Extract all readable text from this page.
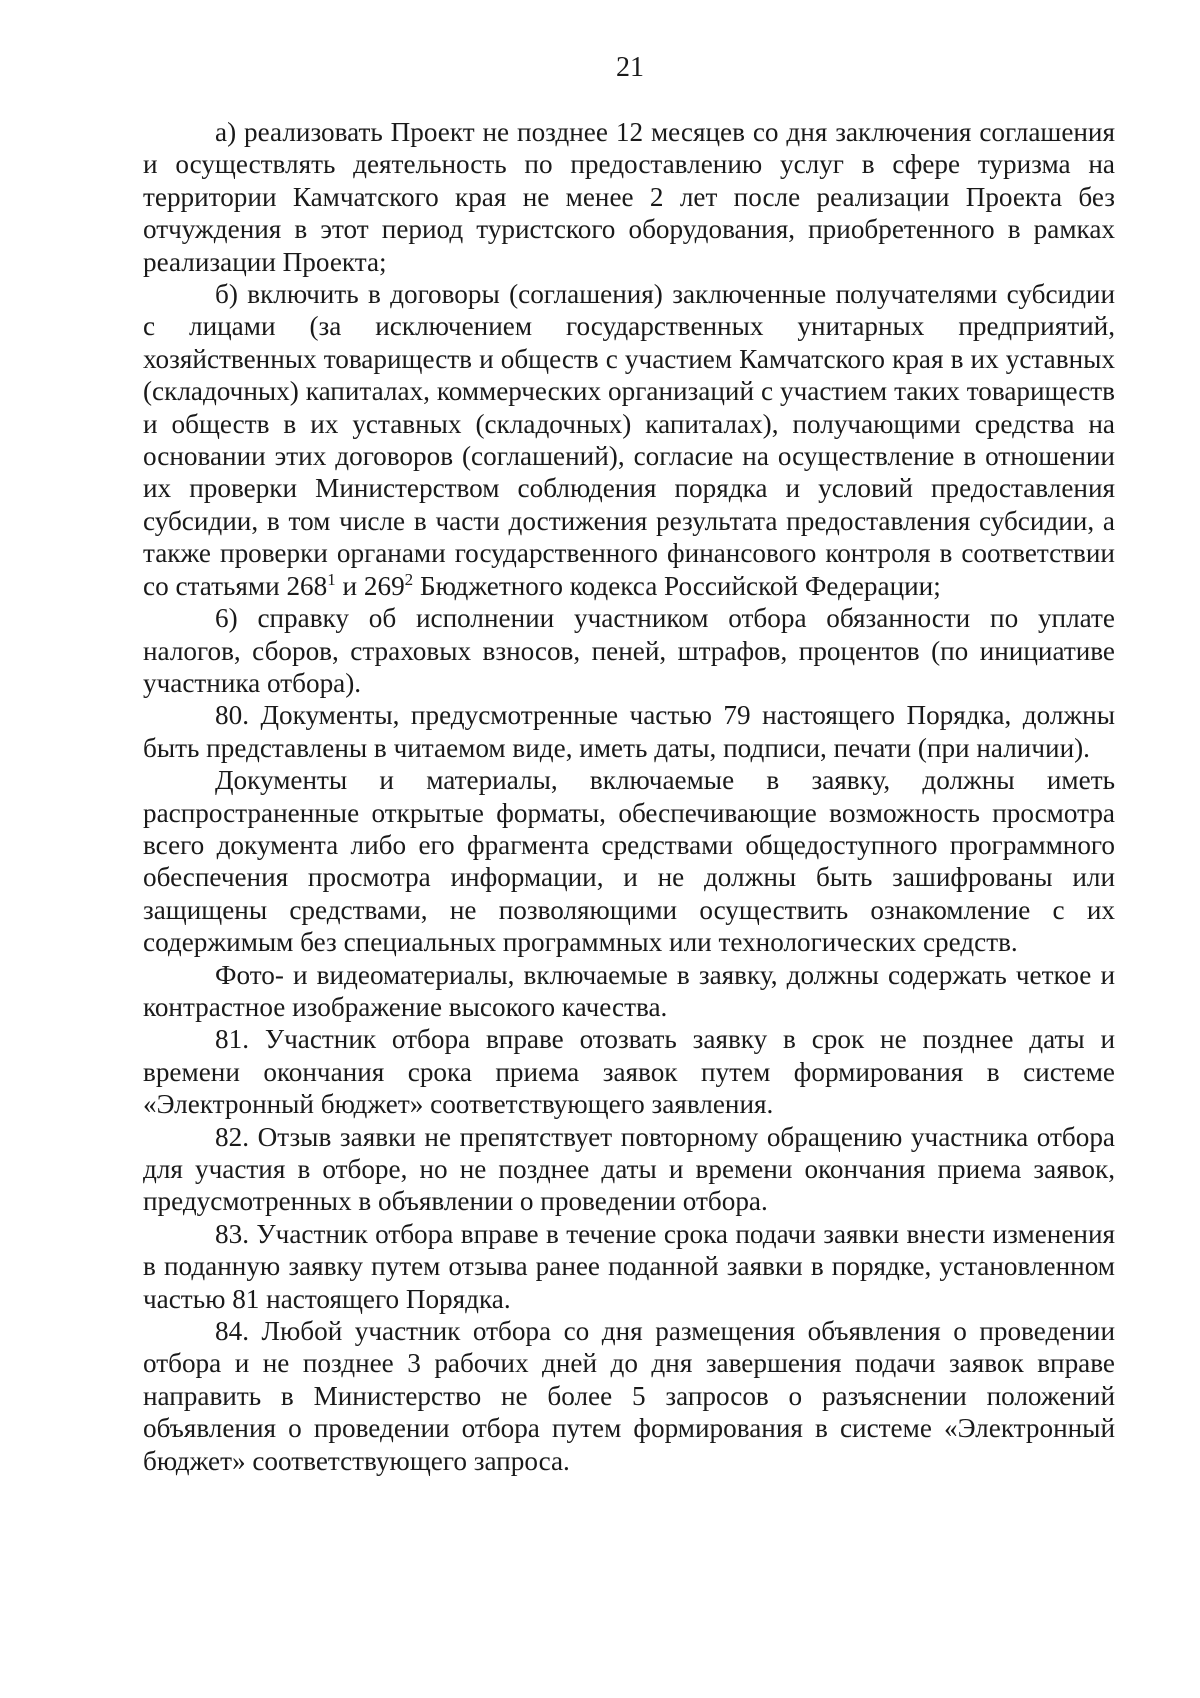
21

а) реализовать Проект не позднее 12 месяцев со дня заключения соглашения и осуществлять деятельность по предоставлению услуг в сфере туризма на территории Камчатского края не менее 2 лет после реализации Проекта без отчуждения в этот период туристского оборудования, приобретенного в рамках реализации Проекта;

б) включить в договоры (соглашения) заключенные получателями субсидии с лицами (за исключением государственных унитарных предприятий, хозяйственных товариществ и обществ с участием Камчатского края в их уставных (складочных) капиталах, коммерческих организаций с участием таких товариществ и обществ в их уставных (складочных) капиталах), получающими средства на основании этих договоров (соглашений), согласие на осуществление в отношении их проверки Министерством соблюдения порядка и условий предоставления субсидии, в том числе в части достижения результата предоставления субсидии, а также проверки органами государственного финансового контроля в соответствии со статьями $268^1$ и $269^2$ Бюджетного кодекса Российской Федерации;

6) справку об исполнении участником отбора обязанности по уплате налогов, сборов, страховых взносов, пеней, штрафов, процентов (по инициативе участника отбора).

80. Документы, предусмотренные частью 79 настоящего Порядка, должны быть представлены в читаемом виде, иметь даты, подписи, печати (при наличии).

Документы и материалы, включаемые в заявку, должны иметь распространенные открытые форматы, обеспечивающие возможность просмотра всего документа либо его фрагмента средствами общедоступного программного обеспечения просмотра информации, и не должны быть зашифрованы или защищены средствами, не позволяющими осуществить ознакомление с их содержимым без специальных программных или технологических средств.

Фото- и видеоматериалы, включаемые в заявку, должны содержать четкое и контрастное изображение высокого качества.

81. Участник отбора вправе отозвать заявку в срок не позднее даты и времени окончания срока приема заявок путем формирования в системе «Электронный бюджет» соответствующего заявления.

82. Отзыв заявки не препятствует повторному обращению участника отбора для участия в отборе, но не позднее даты и времени окончания приема заявок, предусмотренных в объявлении о проведении отбора.

83. Участник отбора вправе в течение срока подачи заявки внести изменения в поданную заявку путем отзыва ранее поданной заявки в порядке, установленном частью 81 настоящего Порядка.

84. Любой участник отбора со дня размещения объявления о проведении отбора и не позднее 3 рабочих дней до дня завершения подачи заявок вправе направить в Министерство не более 5 запросов о разъяснении положений объявления о проведении отбора путем формирования в системе «Электронный бюджет» соответствующего запроса.
